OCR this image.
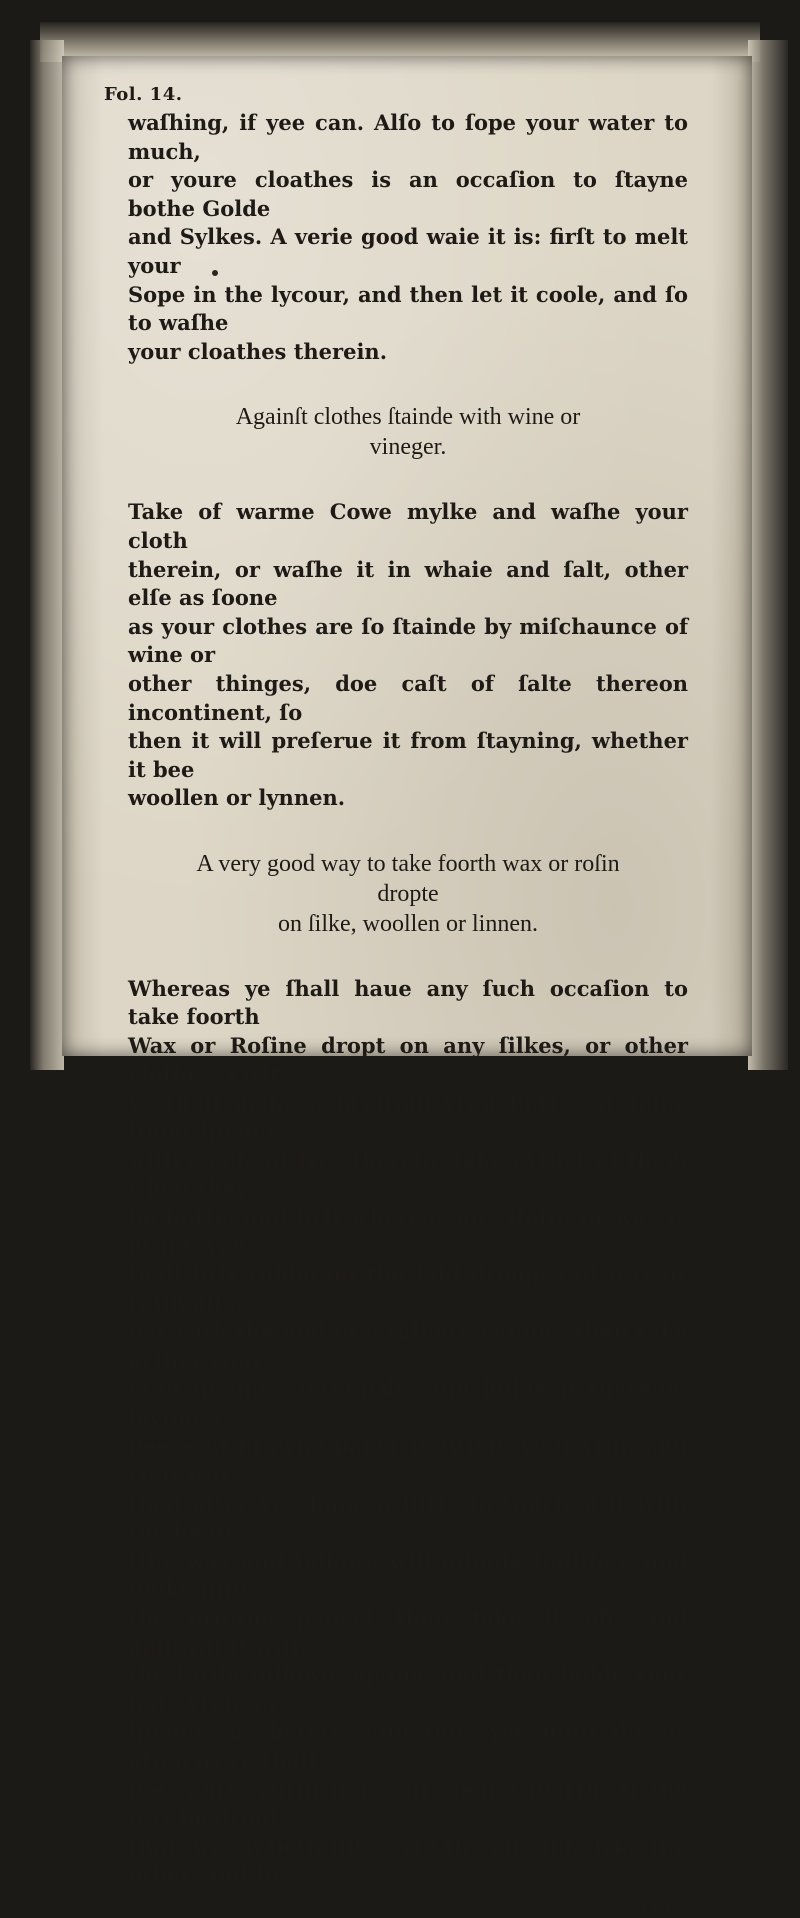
Fol. 14.

waſhing, if yee can. Alſo to ſope your water to much,

or youre cloathes is an occaſion to ſtayne bothe Golde

and Sylkes. A verie good waie it is: firſt to melt your

Sope in the lycour, and then let it coole, and ſo to waſhe

your cloathes therein.

Againſt clothes ſtainde with wine or
vineger.

Take of warme Cowe mylke and waſhe your cloth

therein, or waſhe it in whaie and ſalt, other elſe as ſoone

as your clothes are ſo ſtainde by miſchaunce of wine or

other thinges, doe caſt of ſalte thereon incontinent, ſo

then it will preſerue it from ſtayning, whether it bee

woollen or lynnen.

A very good way to take foorth wax or roſin dropte
on ſilke, woollen or linnen.

Whereas ye ſhall haue any ſuch occaſion to take foorth

Wax or Roſine dropt on any ſilkes, or other clothes. Firſt

ye ſhall make a preſſing yron hotte, or ſome ſiluer ſpoone,

with a cole of fyre therein, take eyther of them when they

be hotte, and firſt whereas any Roſin or wax is dropt, yee

ſhall firſt rubbe on the ſaid droppes of wax or roſin all o-

uer with the end of a tallowe candle, then take eyther your

yron ſpoone aforeſayde, and holde it thereon, laying a

peece of browne paper betwixte your yron and your wax,

then after yee haue a little ſo touched it with the heate,

(the wax and tallowe will mingle togither, and ſooke into

the browne paper) then take it off, and annoynt it with

the ſayde tallowe againe, and then holde your hote yron, or

ſpoone, as before, and thus yee muſt do, as often as ye ſhall

ſee cauſe, vntill it be all cleane foorth. If the wax be dropt

thorowe on both ſides, vſe the one ſide lyke the other, and ſo

yee
